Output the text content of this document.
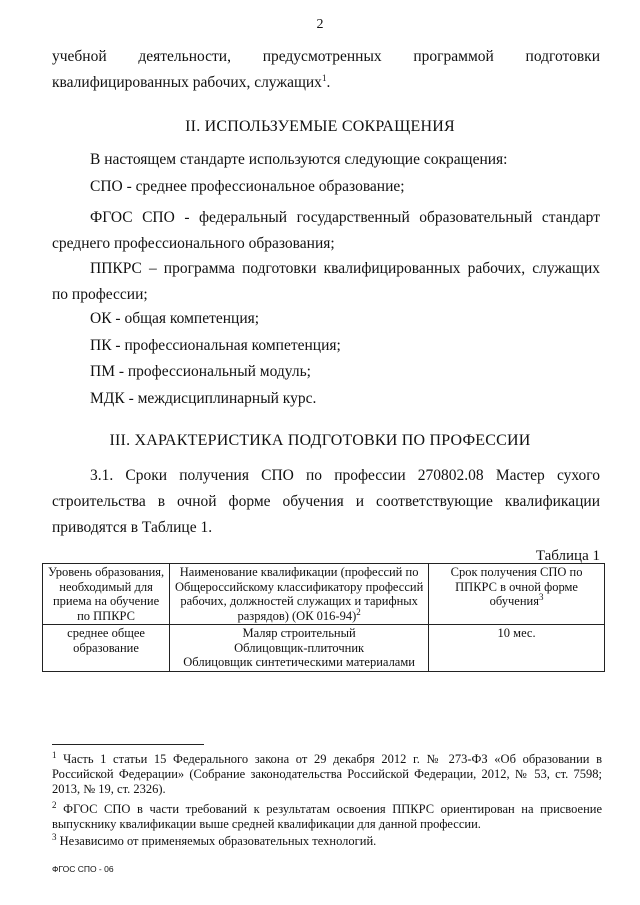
2
учебной деятельности, предусмотренных программой подготовки
квалифицированных рабочих, служащих$^1$.
II. ИСПОЛЬЗУЕМЫЕ СОКРАЩЕНИЯ
В настоящем стандарте используются следующие сокращения:
СПО - среднее профессиональное образование;
ФГОС СПО - федеральный государственный образовательный стандарт среднего профессионального образования;
ППКРС – программа подготовки квалифицированных рабочих, служащих по профессии;
ОК - общая компетенция;
ПК - профессиональная компетенция;
ПМ - профессиональный модуль;
МДК - междисциплинарный курс.
III. ХАРАКТЕРИСТИКА ПОДГОТОВКИ ПО ПРОФЕССИИ
3.1. Сроки получения СПО по профессии 270802.08 Мастер сухого строительства в очной форме обучения и соответствующие квалификации приводятся в Таблице 1.
Таблица 1
Уровень образования, необходимый для приема на обучение по ППКРС	Наименование квалификации (профессий по Общероссийскому классификатору профессий рабочих, должностей служащих и тарифных разрядов) (ОК 016-94)$^2$	Срок получения СПО по ППКРС в очной форме обучения$^3$
среднее общее образование	Маляр строительный
Облицовщик-плиточник
Облицовщик синтетическими материалами	10 мес.
$^1$ Часть 1 статьи 15 Федерального закона от 29 декабря 2012 г. № 273-ФЗ «Об образовании в Российской Федерации» (Собрание законодательства Российской Федерации, 2012, № 53, ст. 7598; 2013, № 19, ст. 2326).
$^2$ ФГОС СПО в части требований к результатам освоения ППКРС ориентирован на присвоение выпускнику квалификации выше средней квалификации для данной профессии.
$^3$ Независимо от применяемых образовательных технологий.
ФГОС СПО - 06
